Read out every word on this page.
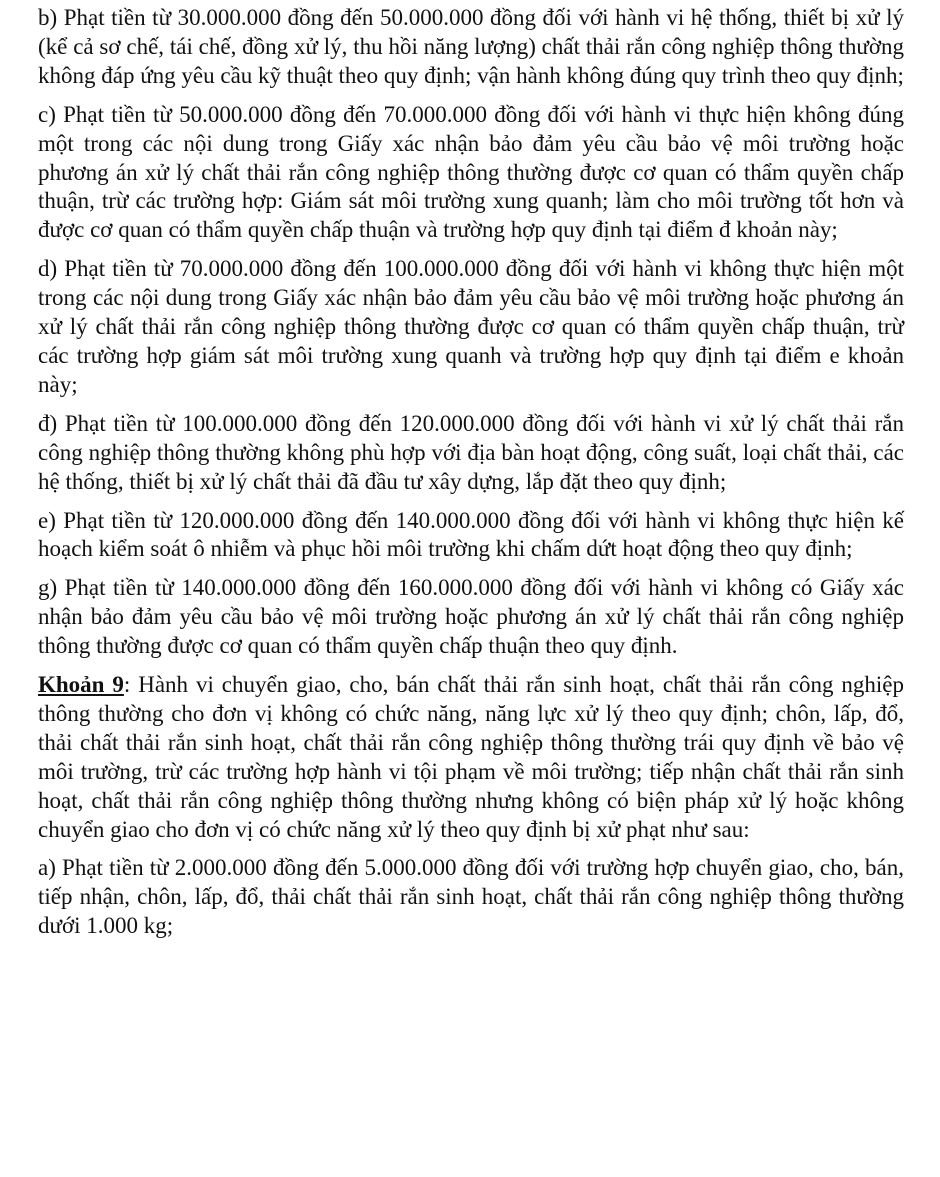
b) Phạt tiền từ 30.000.000 đồng đến 50.000.000 đồng đối với hành vi hệ thống, thiết bị xử lý (kể cả sơ chế, tái chế, đồng xử lý, thu hồi năng lượng) chất thải rắn công nghiệp thông thường không đáp ứng yêu cầu kỹ thuật theo quy định; vận hành không đúng quy trình theo quy định;

c) Phạt tiền từ 50.000.000 đồng đến 70.000.000 đồng đối với hành vi thực hiện không đúng một trong các nội dung trong Giấy xác nhận bảo đảm yêu cầu bảo vệ môi trường hoặc phương án xử lý chất thải rắn công nghiệp thông thường được cơ quan có thẩm quyền chấp thuận, trừ các trường hợp: Giám sát môi trường xung quanh; làm cho môi trường tốt hơn và được cơ quan có thẩm quyền chấp thuận và trường hợp quy định tại điểm đ khoản này;

d) Phạt tiền từ 70.000.000 đồng đến 100.000.000 đồng đối với hành vi không thực hiện một trong các nội dung trong Giấy xác nhận bảo đảm yêu cầu bảo vệ môi trường hoặc phương án xử lý chất thải rắn công nghiệp thông thường được cơ quan có thẩm quyền chấp thuận, trừ các trường hợp giám sát môi trường xung quanh và trường hợp quy định tại điểm e khoản này;

đ) Phạt tiền từ 100.000.000 đồng đến 120.000.000 đồng đối với hành vi xử lý chất thải rắn công nghiệp thông thường không phù hợp với địa bàn hoạt động, công suất, loại chất thải, các hệ thống, thiết bị xử lý chất thải đã đầu tư xây dựng, lắp đặt theo quy định;

e) Phạt tiền từ 120.000.000 đồng đến 140.000.000 đồng đối với hành vi không thực hiện kế hoạch kiểm soát ô nhiễm và phục hồi môi trường khi chấm dứt hoạt động theo quy định;

g) Phạt tiền từ 140.000.000 đồng đến 160.000.000 đồng đối với hành vi không có Giấy xác nhận bảo đảm yêu cầu bảo vệ môi trường hoặc phương án xử lý chất thải rắn công nghiệp thông thường được cơ quan có thẩm quyền chấp thuận theo quy định.

Khoản 9: Hành vi chuyển giao, cho, bán chất thải rắn sinh hoạt, chất thải rắn công nghiệp thông thường cho đơn vị không có chức năng, năng lực xử lý theo quy định; chôn, lấp, đổ, thải chất thải rắn sinh hoạt, chất thải rắn công nghiệp thông thường trái quy định về bảo vệ môi trường, trừ các trường hợp hành vi tội phạm về môi trường; tiếp nhận chất thải rắn sinh hoạt, chất thải rắn công nghiệp thông thường nhưng không có biện pháp xử lý hoặc không chuyển giao cho đơn vị có chức năng xử lý theo quy định bị xử phạt như sau:

a) Phạt tiền từ 2.000.000 đồng đến 5.000.000 đồng đối với trường hợp chuyển giao, cho, bán, tiếp nhận, chôn, lấp, đổ, thải chất thải rắn sinh hoạt, chất thải rắn công nghiệp thông thường dưới 1.000 kg;
